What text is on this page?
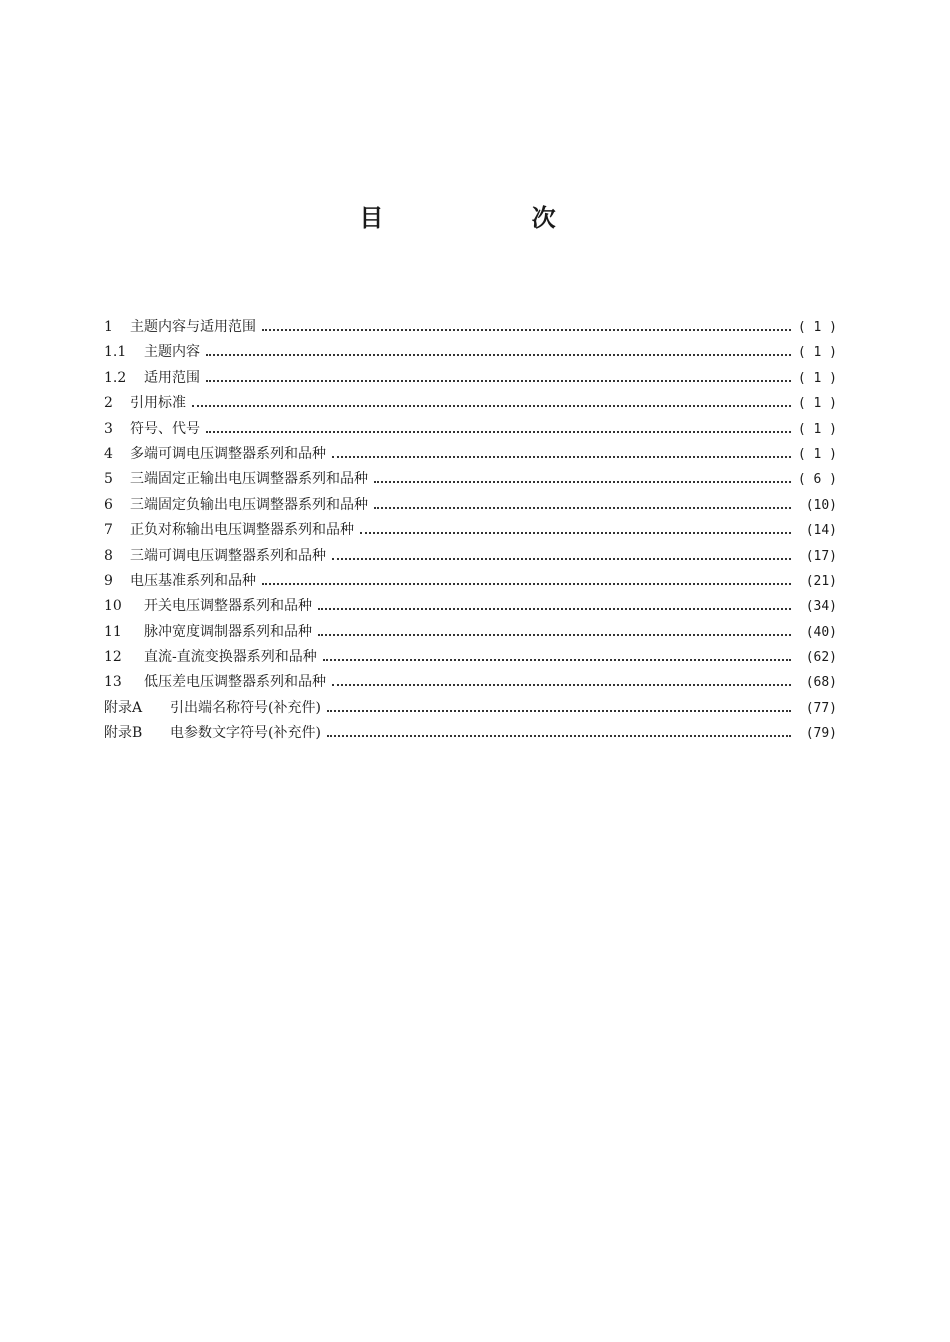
目 次
1	主题内容与适用范围	( 1 )
1.1	主题内容	( 1 )
1.2	适用范围	( 1 )
2	引用标准	( 1 )
3	符号、代号	( 1 )
4	多端可调电压调整器系列和品种	( 1 )
5	三端固定正输出电压调整器系列和品种	( 6 )
6	三端固定负输出电压调整器系列和品种	(10)
7	正负对称输出电压调整器系列和品种	(14)
8	三端可调电压调整器系列和品种	(17)
9	电压基准系列和品种	(21)
10	开关电压调整器系列和品种	(34)
11	脉冲宽度调制器系列和品种	(40)
12	直流-直流变换器系列和品种	(62)
13	低压差电压调整器系列和品种	(68)
附录A	引出端名称符号(补充件)	(77)
附录B	电参数文字符号(补充件)	(79)
